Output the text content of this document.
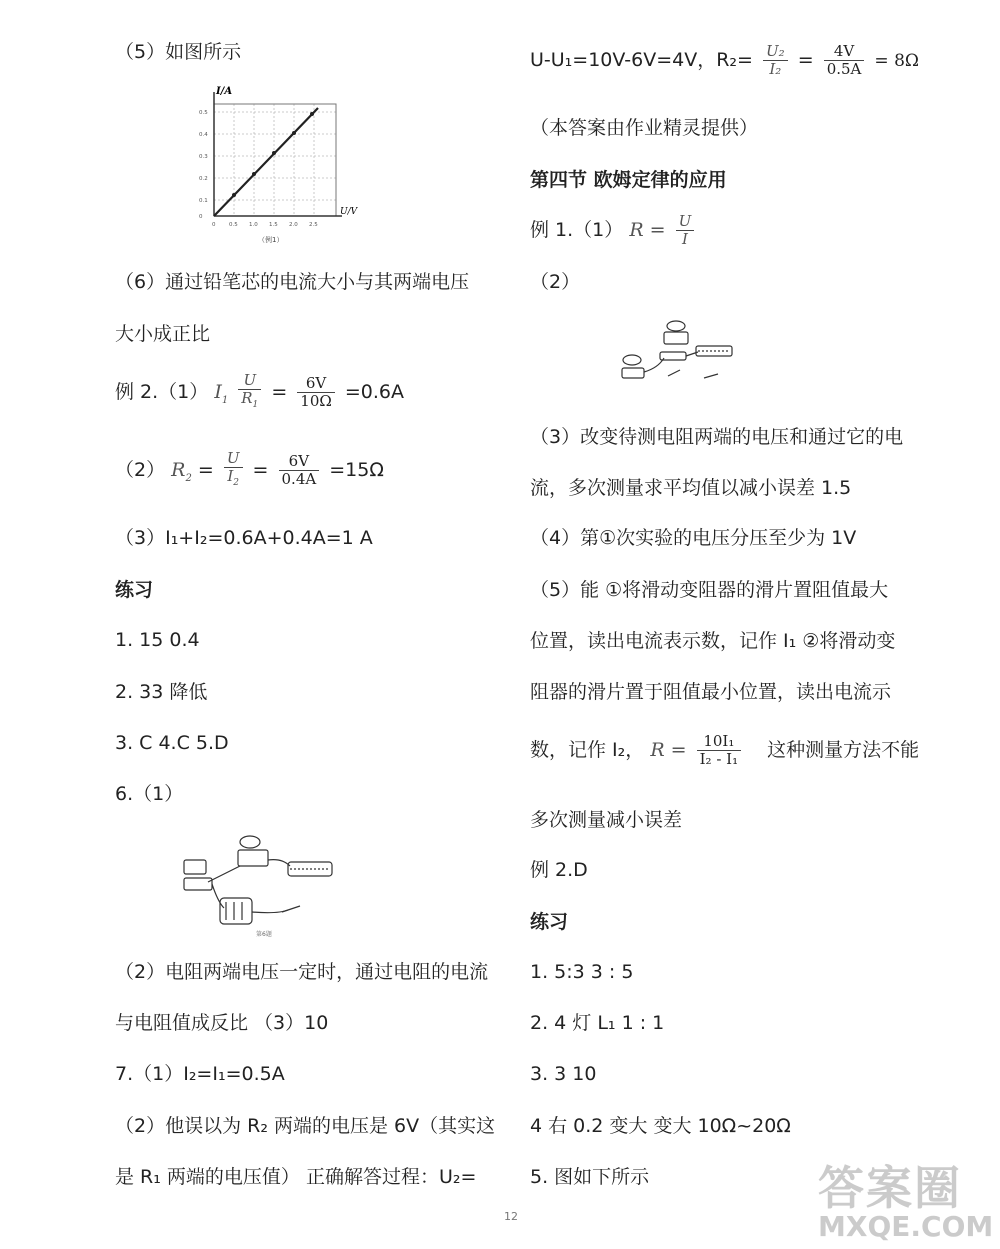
（5）如图所示
I/A
U/V
0
0.1
0.2
0.3
0.4
0.5
0 0.5 1.0 1.5 2.0 2.5
（例1）
（6）通过铅笔芯的电流大小与其两端电压
大小成正比
例 2.（1） $I_1 \frac{U}{R_1} = \frac{6V}{10\Omega} =0.6A$
（2） $R_2 = \frac{U}{I_2} = \frac{6V}{0.4A} =15\Omega$
（3）I₁+I₂=0.6A+0.4A=1 A
练习
1. 15 0.4
2. 33 降低
3. C 4.C 5.D
6.（1）
第6题
（2）电阻两端电压一定时，通过电阻的电流
与电阻值成反比 （3）10
7.（1）I₂=I₁=0.5A
（2）他误以为 R₂ 两端的电压是 6V（其实这
是 R₁ 两端的电压值） 正确解答过程：U₂=
U-U₁=10V-6V=4V，$R_2= \frac{\text{U₂}}{\text{I₂}} = \frac{4V}{0.5A} = 8\Omega$
（本答案由作业精灵提供）
第四节 欧姆定律的应用
例 1.（1） $R = \frac{U}{I}$
（2）
（3）改变待测电阻两端的电压和通过它的电
流，多次测量求平均值以减小误差 1.5
（4）第①次实验的电压分压至少为 1V
（5）能 ①将滑动变阻器的滑片置阻值最大
位置，读出电流表示数，记作 I₁ ②将滑动变
阻器的滑片置于阻值最小位置，读出电流示
数，记作 I₂， $R = \frac{\text{10I₁}}{\text{I₂ - I₁}}$ 这种测量方法不能
多次测量减小误差
例 2.D
练习
1. 5:3 3 : 5
2. 4 灯 L₁ 1 : 1
3. 3 10
4 右 0.2 变大 变大 10Ω~20Ω
5. 图如下所示
12
答案圈
MXQE.COM
